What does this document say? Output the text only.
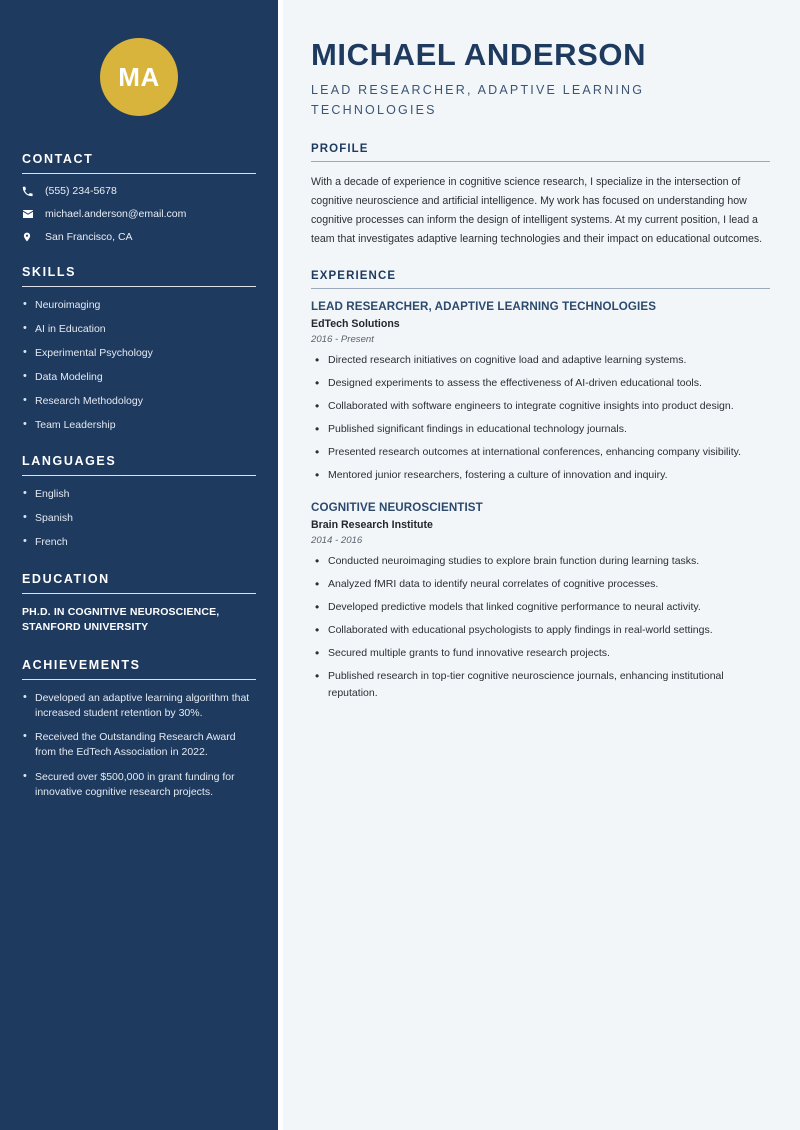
MA
CONTACT
(555) 234-5678
michael.anderson@email.com
San Francisco, CA
SKILLS
• Neuroimaging
• AI in Education
• Experimental Psychology
• Data Modeling
• Research Methodology
• Team Leadership
LANGUAGES
• English
• Spanish
• French
EDUCATION
PH.D. IN COGNITIVE NEUROSCIENCE, STANFORD UNIVERSITY
ACHIEVEMENTS
• Developed an adaptive learning algorithm that increased student retention by 30%.
• Received the Outstanding Research Award from the EdTech Association in 2022.
• Secured over $500,000 in grant funding for innovative cognitive research projects.
MICHAEL ANDERSON
LEAD RESEARCHER, ADAPTIVE LEARNING TECHNOLOGIES
PROFILE

With a decade of experience in cognitive science research, I specialize in the intersection of cognitive neuroscience and artificial intelligence. My work has focused on understanding how cognitive processes can inform the design of intelligent systems. At my current position, I lead a team that investigates adaptive learning technologies and their impact on educational outcomes.

EXPERIENCE
LEAD RESEARCHER, ADAPTIVE LEARNING TECHNOLOGIES
EdTech Solutions
2016 - Present
• Directed research initiatives on cognitive load and adaptive learning systems.
• Designed experiments to assess the effectiveness of AI-driven educational tools.
• Collaborated with software engineers to integrate cognitive insights into product design.
• Published significant findings in educational technology journals.
• Presented research outcomes at international conferences, enhancing company visibility.
• Mentored junior researchers, fostering a culture of innovation and inquiry.
COGNITIVE NEUROSCIENTIST
Brain Research Institute
2014 - 2016
• Conducted neuroimaging studies to explore brain function during learning tasks.
• Analyzed fMRI data to identify neural correlates of cognitive processes.
• Developed predictive models that linked cognitive performance to neural activity.
• Collaborated with educational psychologists to apply findings in real-world settings.
• Secured multiple grants to fund innovative research projects.
• Published research in top-tier cognitive neuroscience journals, enhancing institutional reputation.
